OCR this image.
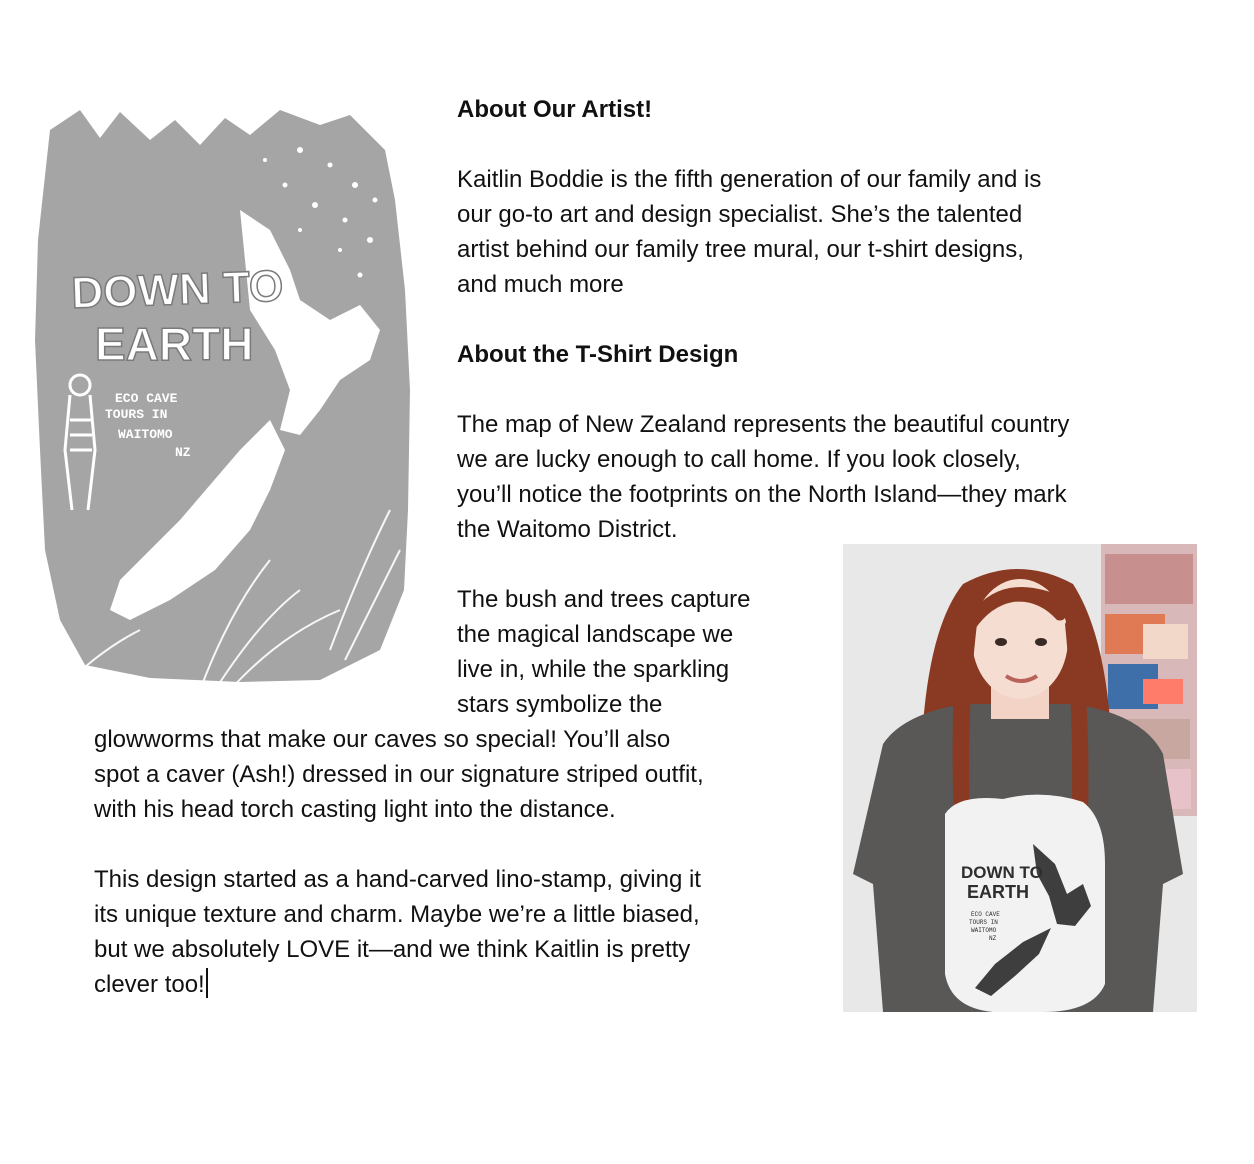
DOWN TO
EARTH
ECO CAVE
TOURS IN
WAITOMO
NZ

About Our Artist!

Kaitlin Boddie is the fifth generation of our family and is

our go-to art and design specialist. She’s the talented

artist behind our family tree mural, our t-shirt designs,

and much more

About the T-Shirt Design

The map of New Zealand represents the beautiful country

we are lucky enough to call home. If you look closely,

you’ll notice the footprints on the North Island—they mark

the Waitomo District.

The bush and trees capture

the magical landscape we

live in, while the sparkling

stars symbolize the

glowworms that make our caves so special! You’ll also

spot a caver (Ash!) dressed in our signature striped outfit,

with his head torch casting light into the distance.

This design started as a hand-carved lino-stamp, giving it

its unique texture and charm. Maybe we’re a little biased,

but we absolutely LOVE it—and we think Kaitlin is pretty

clever too!

DOWN TO
EARTH
ECO CAVE
TOURS IN
WAITOMO
NZ
